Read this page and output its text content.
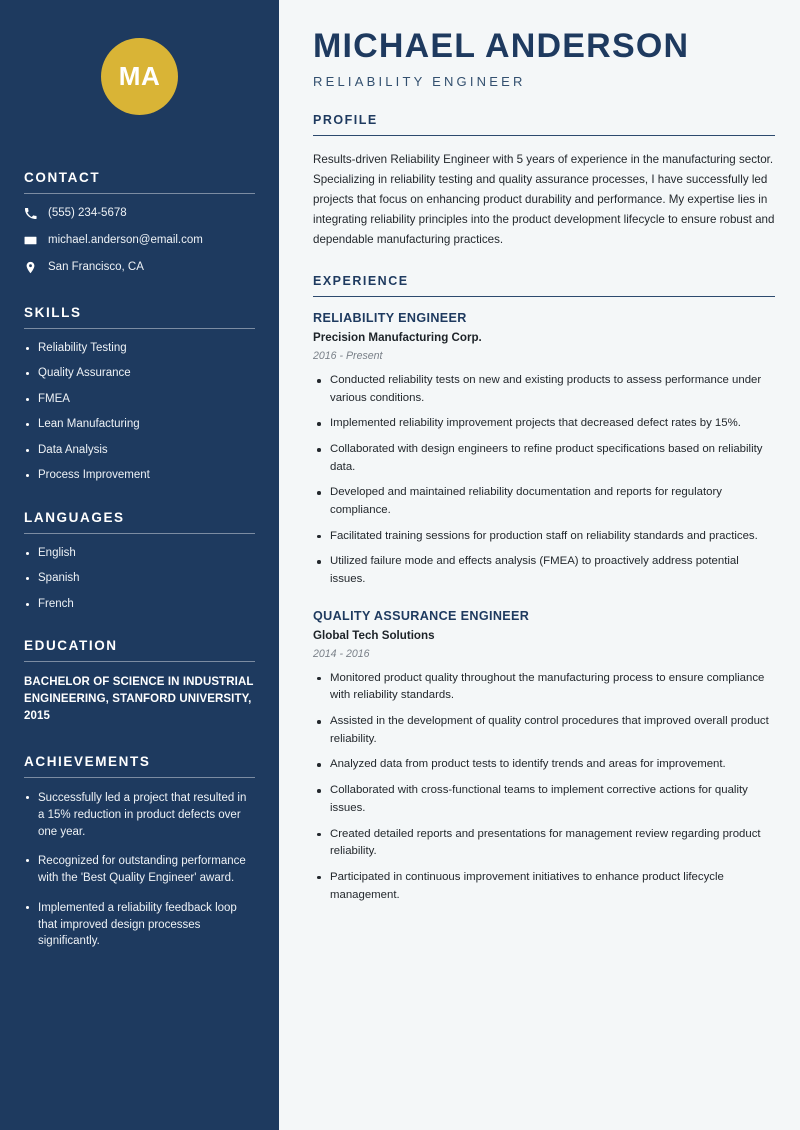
MA
CONTACT
(555) 234-5678
michael.anderson@email.com
San Francisco, CA
SKILLS
Reliability Testing
Quality Assurance
FMEA
Lean Manufacturing
Data Analysis
Process Improvement
LANGUAGES
English
Spanish
French
EDUCATION
BACHELOR OF SCIENCE IN INDUSTRIAL ENGINEERING, STANFORD UNIVERSITY, 2015
ACHIEVEMENTS
Successfully led a project that resulted in a 15% reduction in product defects over one year.
Recognized for outstanding performance with the 'Best Quality Engineer' award.
Implemented a reliability feedback loop that improved design processes significantly.
MICHAEL ANDERSON
RELIABILITY ENGINEER
PROFILE

Results-driven Reliability Engineer with 5 years of experience in the manufacturing sector. Specializing in reliability testing and quality assurance processes, I have successfully led projects that focus on enhancing product durability and performance. My expertise lies in integrating reliability principles into the product development lifecycle to ensure robust and dependable manufacturing practices.

EXPERIENCE
RELIABILITY ENGINEER
Precision Manufacturing Corp.
2016 - Present
Conducted reliability tests on new and existing products to assess performance under various conditions.
Implemented reliability improvement projects that decreased defect rates by 15%.
Collaborated with design engineers to refine product specifications based on reliability data.
Developed and maintained reliability documentation and reports for regulatory compliance.
Facilitated training sessions for production staff on reliability standards and practices.
Utilized failure mode and effects analysis (FMEA) to proactively address potential issues.
QUALITY ASSURANCE ENGINEER
Global Tech Solutions
2014 - 2016
Monitored product quality throughout the manufacturing process to ensure compliance with reliability standards.
Assisted in the development of quality control procedures that improved overall product reliability.
Analyzed data from product tests to identify trends and areas for improvement.
Collaborated with cross-functional teams to implement corrective actions for quality issues.
Created detailed reports and presentations for management review regarding product reliability.
Participated in continuous improvement initiatives to enhance product lifecycle management.
